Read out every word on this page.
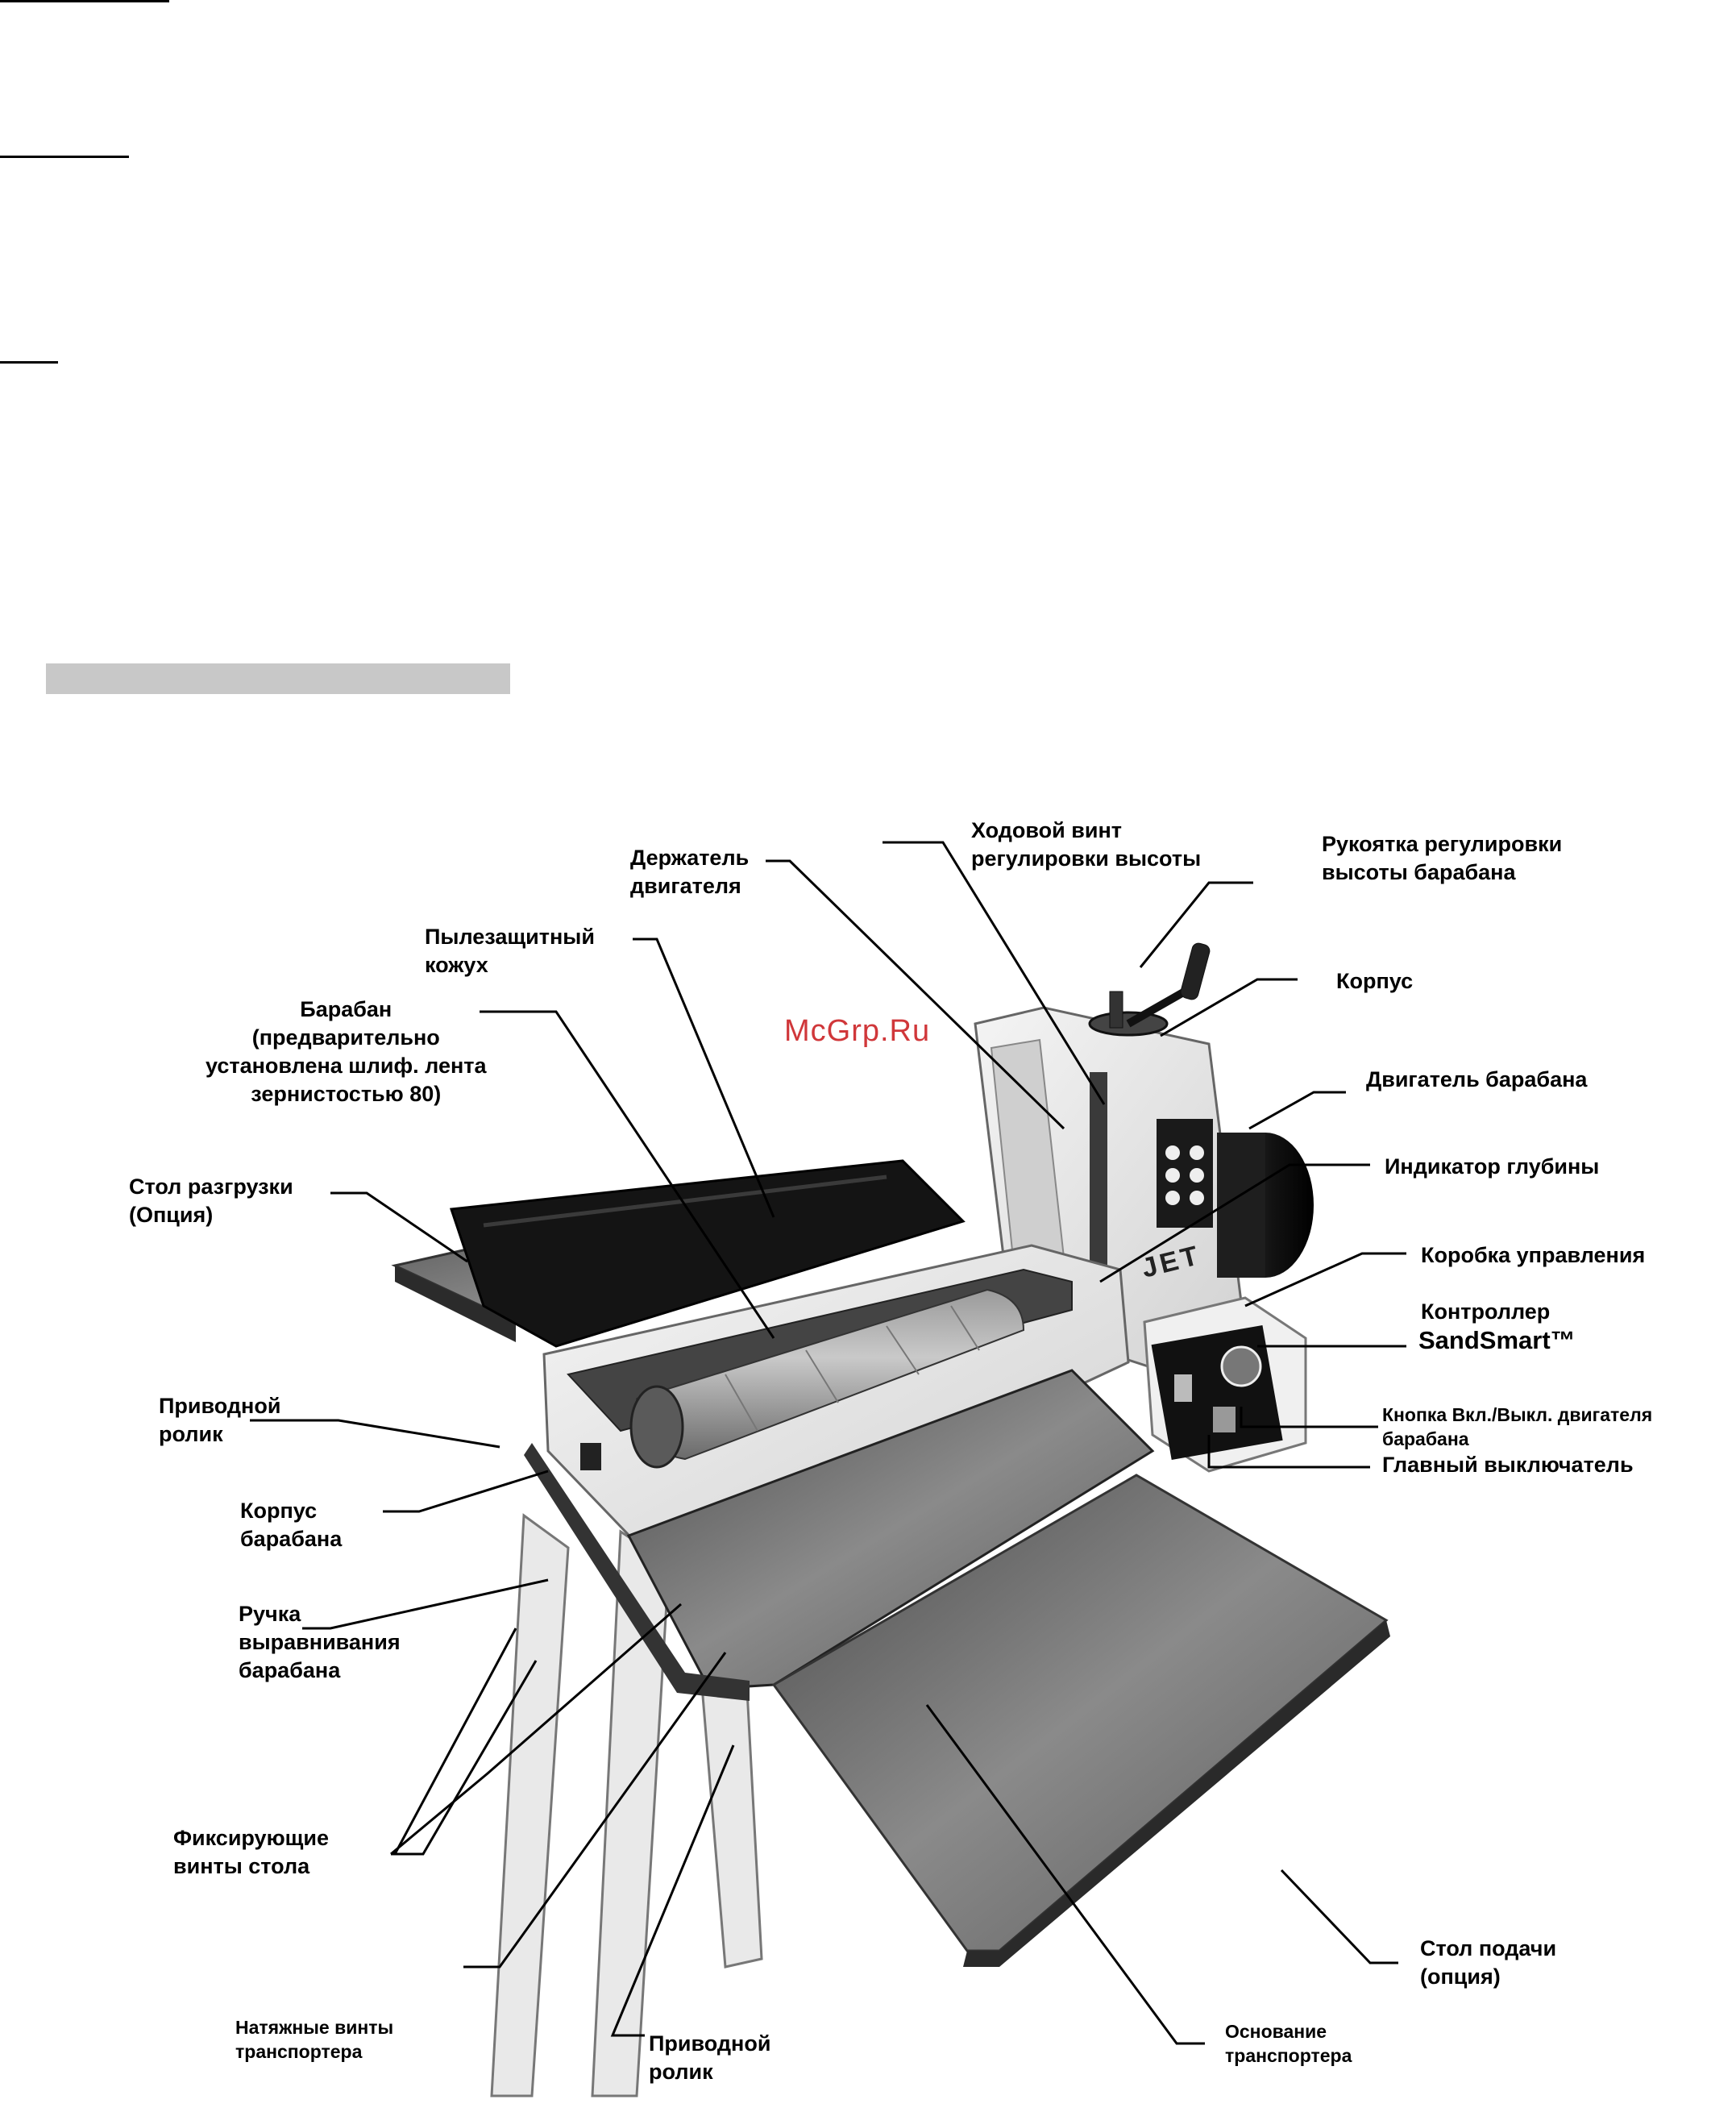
JET
McGrp.Ru
Ходовой винт
регулировки высоты
Держатель
двигателя
Рукоятка регулировки
высоты барабана
Пылезащитный
кожух
Барабан
(предварительно
установлена шлиф. лента
зернистостью 80)
Корпус
Двигатель барабана
Индикатор глубины
Стол разгрузки
(Опция)
Коробка управления
Контроллер
SandSmart™
Приводной
ролик
Кнопка Вкл./Выкл. двигателя
барабана
Главный выключатель
Корпус
барабана
Ручка
выравнивания
барабана
Фиксирующие
винты стола
Стол подачи
(опция)
Натяжные винты
транспортера
Основание
транспортера
Приводной
ролик
